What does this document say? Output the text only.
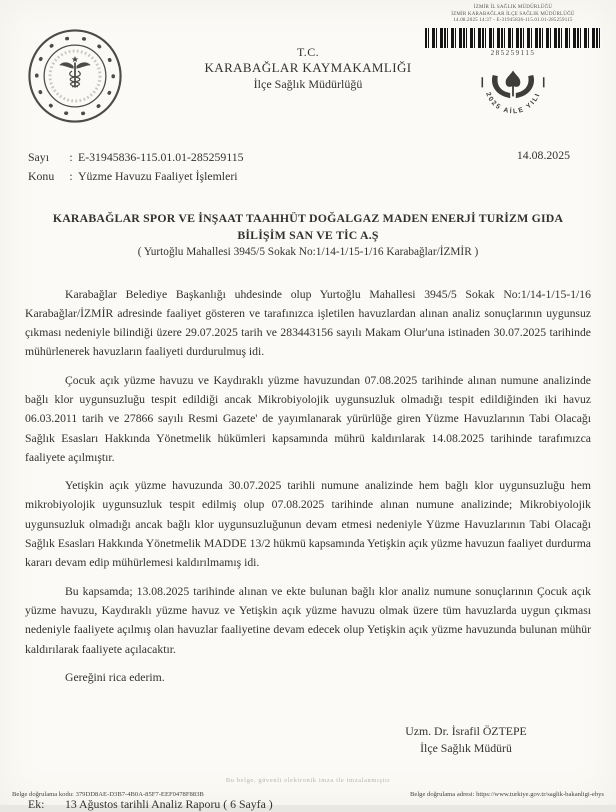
T.C.
KARABAĞLAR KAYMAKAMLIĞI
İlçe Sağlık Müdürlüğü
İZMİR İL SAĞLIK MÜDÜRLÜĞÜ
İZMİR KARABAĞLAR İLÇE SAĞLIK MÜDÜRLÜĞÜ
14.08.2025 14:37 - E-31945836-115.01.01-285259115
285259115
2025 AİLE YILI
Sayı : E-31945836-115.01.01-285259115
Konu : Yüzme Havuzu Faaliyet İşlemleri
14.08.2025
KARABAĞLAR SPOR VE İNŞAAT TAAHHÜT DOĞALGAZ MADEN ENERJİ TURİZM GIDA
BİLİŞİM SAN VE TİC A.Ş
( Yurtoğlu Mahallesi 3945/5 Sokak No:1/14-1/15-1/16 Karabağlar/İZMİR )

Karabağlar Belediye Başkanlığı uhdesinde olup Yurtoğlu Mahallesi 3945/5 Sokak No:1/14-1/15-1/16 Karabağlar/İZMİR adresinde faaliyet gösteren ve tarafınızca işletilen havuzlardan alınan analiz sonuçlarının uygunsuz çıkması nedeniyle bilindiği üzere 29.07.2025 tarih ve 283443156 sayılı Makam Olur'una istinaden 30.07.2025 tarihinde mühürlenerek havuzların faaliyeti durdurulmuş idi.

Çocuk açık yüzme havuzu ve Kaydıraklı yüzme havuzundan 07.08.2025 tarihinde alınan numune analizinde bağlı klor uygunsuzluğu tespit edildiği ancak Mikrobiyolojik uygunsuzluk olmadığı tespit edildiğinden iki havuz 06.03.2011 tarih ve 27866 sayılı Resmi Gazete' de yayımlanarak yürürlüğe giren Yüzme Havuzlarının Tabi Olacağı Sağlık Esasları Hakkında Yönetmelik hükümleri kapsamında mührü kaldırılarak 14.08.2025 tarihinde tarafımızca faaliyete açılmıştır.

Yetişkin açık yüzme havuzunda 30.07.2025 tarihli numune analizinde hem bağlı klor uygunsuzluğu hem mikrobiyolojik uygunsuzluk tespit edilmiş olup 07.08.2025 tarihinde alınan numune analizinde; Mikrobiyolojik uygunsuzluk olmadığı ancak bağlı klor uygunsuzluğunun devam etmesi nedeniyle Yüzme Havuzlarının Tabi Olacağı Sağlık Esasları Hakkında Yönetmelik MADDE 13/2 hükmü kapsamında Yetişkin açık yüzme havuzun faaliyet durdurma kararı devam edip mühürlemesi kaldırılmamış idi.

Bu kapsamda; 13.08.2025 tarihinde alınan ve ekte bulunan bağlı klor analiz numune sonuçlarının Çocuk açık yüzme havuzu, Kaydıraklı yüzme havuz ve Yetişkin açık yüzme havuzu olmak üzere tüm havuzlarda uygun çıkması nedeniyle faaliyete açılmış olan havuzlar faaliyetine devam edecek olup Yetişkin açık yüzme havuzunda bulunan mühür kaldırılarak faaliyete açılacaktır.

Gereğini rica ederim.

Uzm. Dr. İsrafil ÖZTEPE
İlçe Sağlık Müdürü
Ek: 13 Ağustos tarihli Analiz Raporu ( 6 Sayfa )
Bu belge, güvenli elektronik imza ile imzalanmıştır
Belge doğrulama kodu: 379DD8AE-D3B7-4B0A-85F7-EEF0478F883B	Belge doğrulama adresi: https://www.turkiye.gov.tr/saglik-bakanligi-ebys
